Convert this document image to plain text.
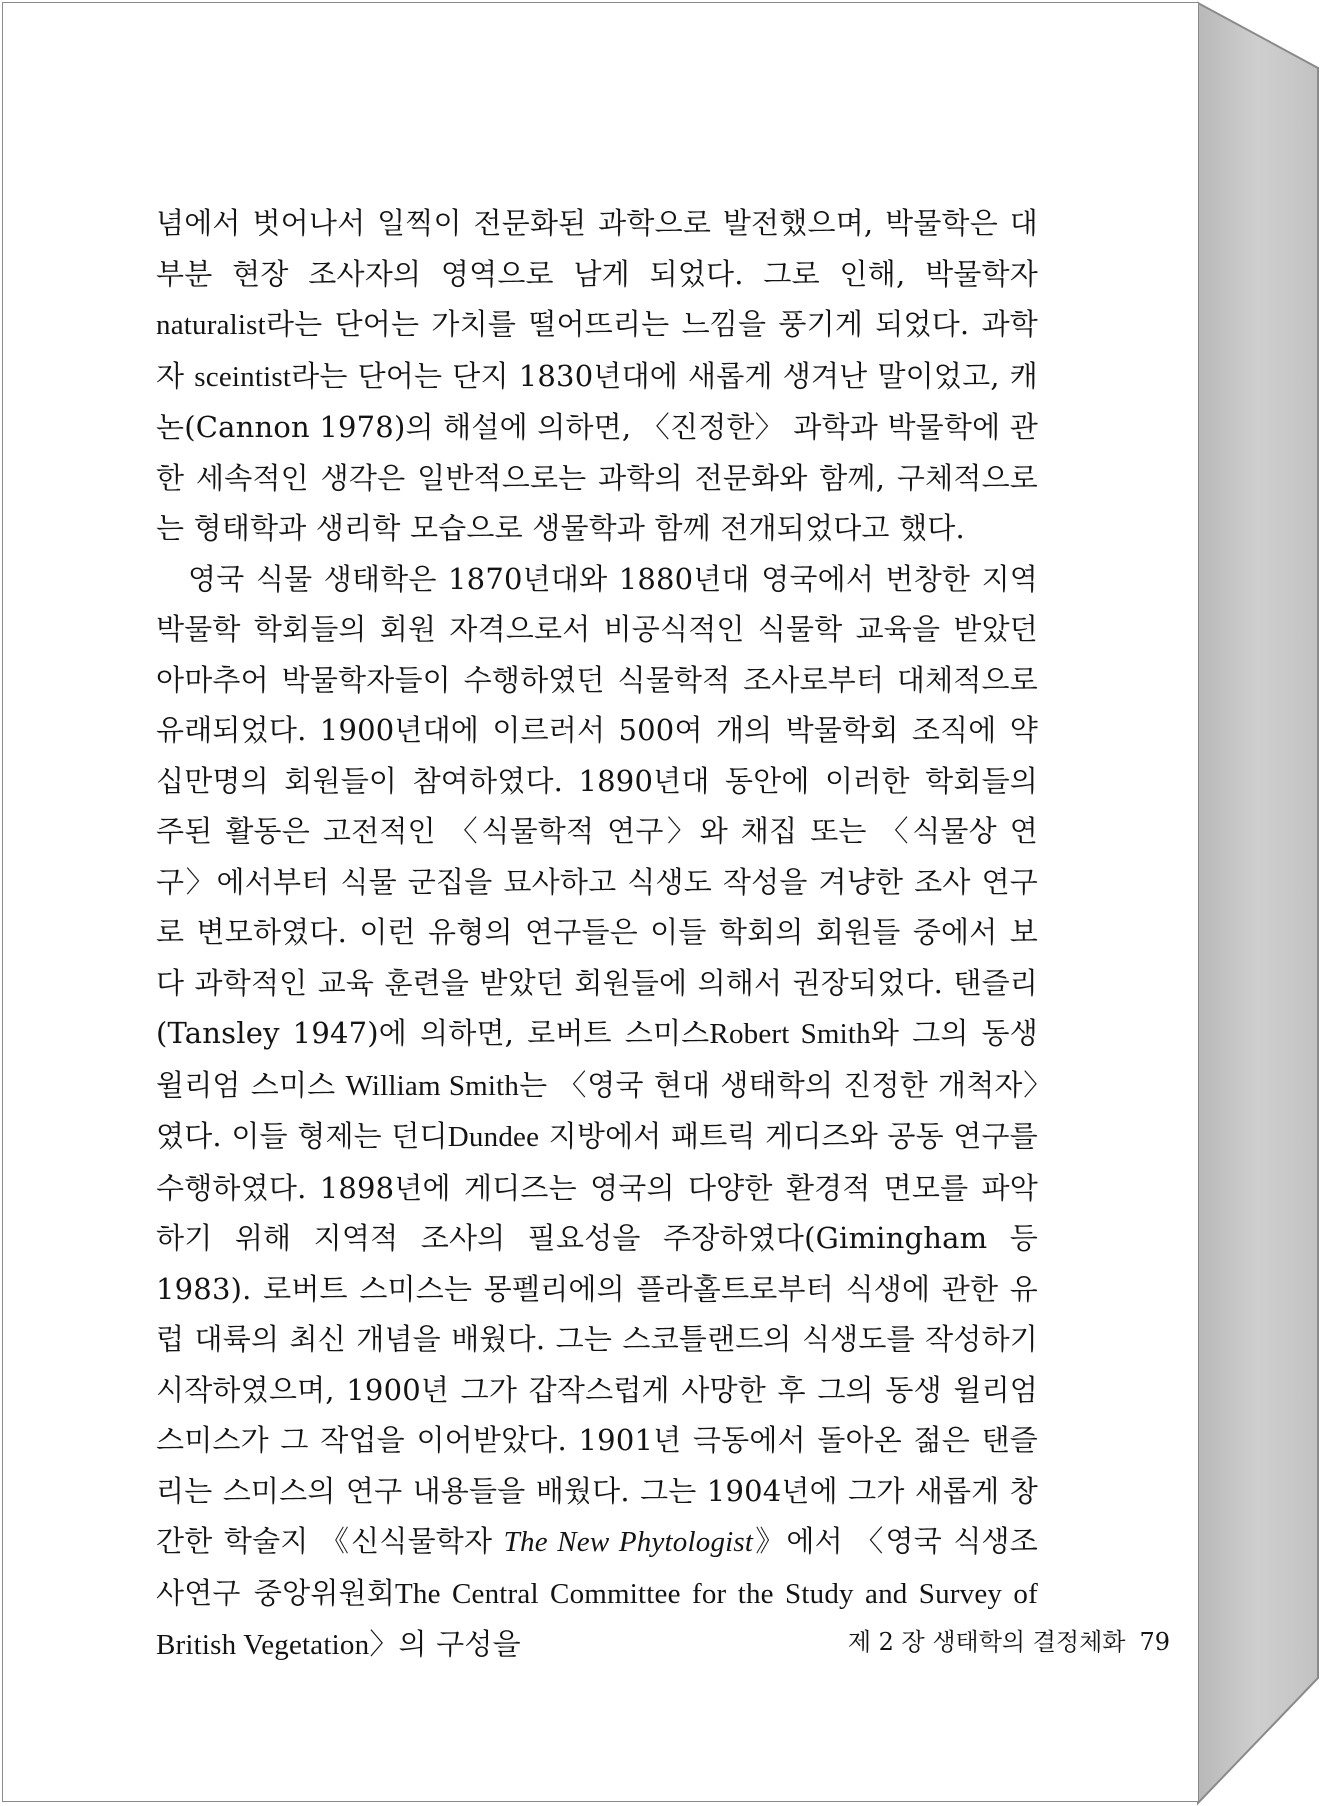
념에서 벗어나서 일찍이 전문화된 과학으로 발전했으며, 박물학은 대부분 현장 조사자의 영역으로 남게 되었다. 그로 인해, 박물학자 naturalist라는 단어는 가치를 떨어뜨리는 느낌을 풍기게 되었다. 과학자 sceintist라는 단어는 단지 1830년대에 새롭게 생겨난 말이었고, 캐논(Cannon 1978)의 해설에 의하면, 〈진정한〉 과학과 박물학에 관한 세속적인 생각은 일반적으로는 과학의 전문화와 함께, 구체적으로는 형태학과 생리학 모습으로 생물학과 함께 전개되었다고 했다.

영국 식물 생태학은 1870년대와 1880년대 영국에서 번창한 지역 박물학 학회들의 회원 자격으로서 비공식적인 식물학 교육을 받았던 아마추어 박물학자들이 수행하였던 식물학적 조사로부터 대체적으로 유래되었다. 1900년대에 이르러서 500여 개의 박물학회 조직에 약 십만명의 회원들이 참여하였다. 1890년대 동안에 이러한 학회들의 주된 활동은 고전적인 〈식물학적 연구〉와 채집 또는 〈식물상 연구〉에서부터 식물 군집을 묘사하고 식생도 작성을 겨냥한 조사 연구로 변모하였다. 이런 유형의 연구들은 이들 학회의 회원들 중에서 보다 과학적인 교육 훈련을 받았던 회원들에 의해서 권장되었다. 탠즐리(Tansley 1947)에 의하면, 로버트 스미스Robert Smith와 그의 동생 윌리엄 스미스 William Smith는 〈영국 현대 생태학의 진정한 개척자〉였다. 이들 형제는 던디Dundee 지방에서 패트릭 게디즈와 공동 연구를 수행하였다. 1898년에 게디즈는 영국의 다양한 환경적 면모를 파악하기 위해 지역적 조사의 필요성을 주장하였다(Gimingham 등 1983). 로버트 스미스는 몽펠리에의 플라홀트로부터 식생에 관한 유럽 대륙의 최신 개념을 배웠다. 그는 스코틀랜드의 식생도를 작성하기 시작하였으며, 1900년 그가 갑작스럽게 사망한 후 그의 동생 윌리엄 스미스가 그 작업을 이어받았다. 1901년 극동에서 돌아온 젊은 탠즐리는 스미스의 연구 내용들을 배웠다. 그는 1904년에 그가 새롭게 창간한 학술지 《신식물학자 The New Phytologist》에서 〈영국 식생조사연구 중앙위원회The Central Committee for the Study and Survey of British Vegetation〉의 구성을	제 2 장 생태학의 결정체화 79
